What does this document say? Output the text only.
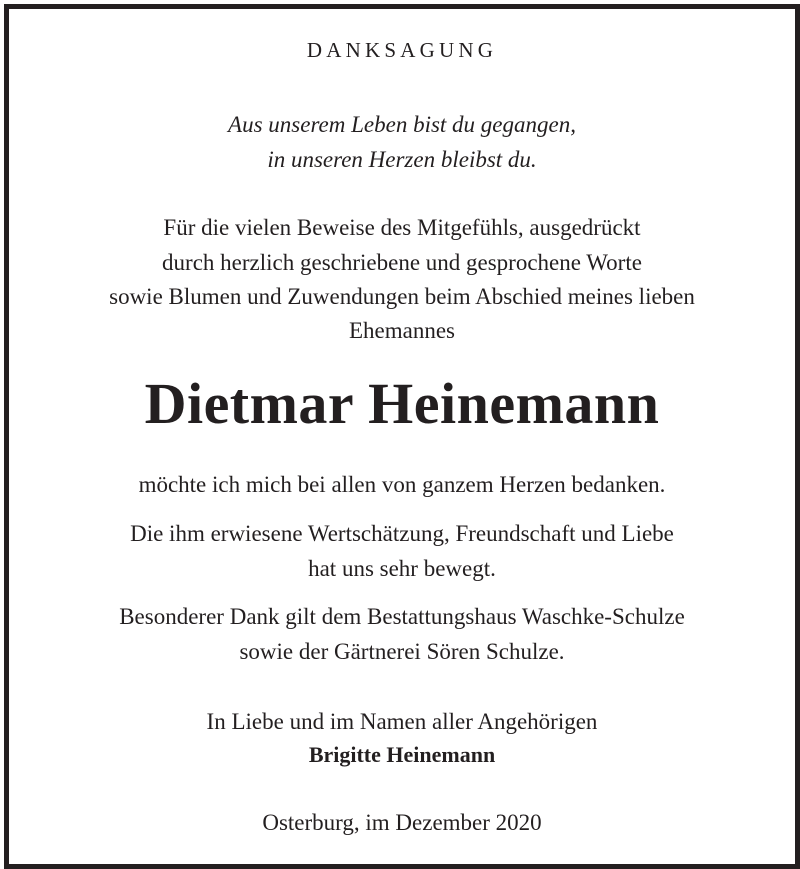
DANKSAGUNG
Aus unserem Leben bist du gegangen,
in unseren Herzen bleibst du.
Für die vielen Beweise des Mitgefühls, ausgedrückt
durch herzlich geschriebene und gesprochene Worte
sowie Blumen und Zuwendungen beim Abschied meines lieben
Ehemannes
Dietmar Heinemann
möchte ich mich bei allen von ganzem Herzen bedanken.
Die ihm erwiesene Wertschätzung, Freundschaft und Liebe
hat uns sehr bewegt.
Besonderer Dank gilt dem Bestattungshaus Waschke-Schulze
sowie der Gärtnerei Sören Schulze.
In Liebe und im Namen aller Angehörigen
Brigitte Heinemann
Osterburg, im Dezember 2020
